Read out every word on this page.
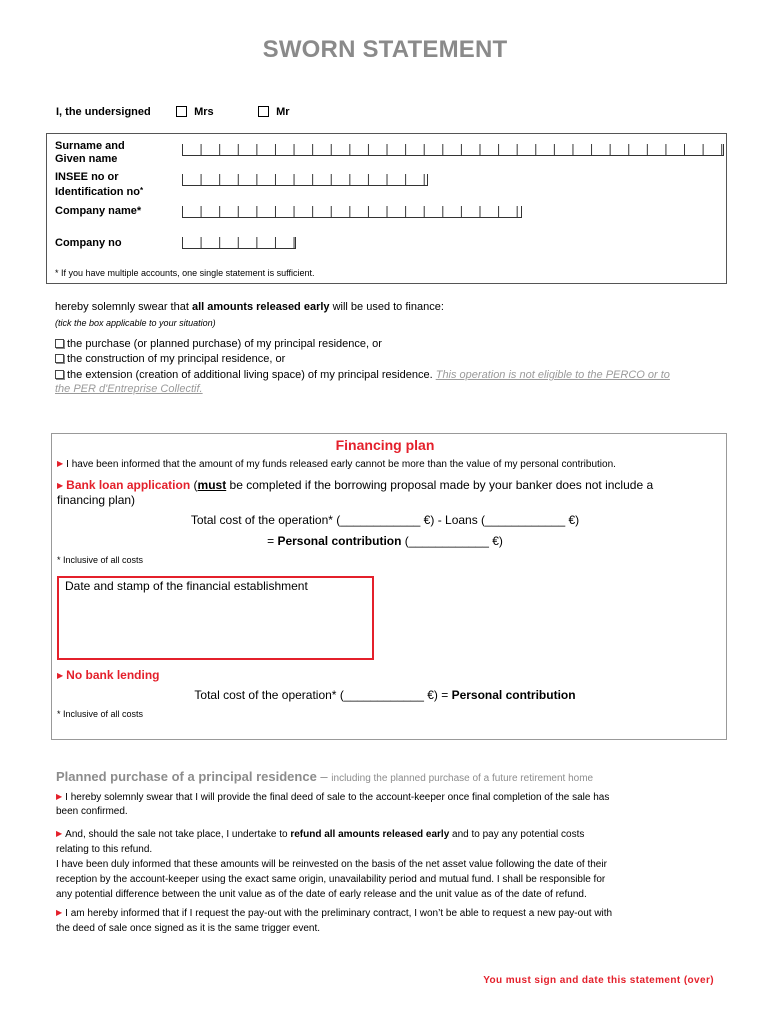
SWORN STATEMENT
I, the undersigned	Mrs	Mr
Surname and
Given name
INSEE no or
Identification no*
Company name*
Company no
* If you have multiple accounts, one single statement is sufficient.
hereby solemnly swear that all amounts released early will be used to finance:
(tick the box applicable to your situation)
the purchase (or planned purchase) of my principal residence, or
the construction of my principal residence, or
the extension (creation of additional living space) of my principal residence. This operation is not eligible to the PERCO or to
the PER d'Entreprise Collectif.
Financing plan
▶ I have been informed that the amount of my funds released early cannot be more than the value of my personal contribution.
▶ Bank loan application (must be completed if the borrowing proposal made by your banker does not include a
financing plan)
Total cost of the operation* (____________ €) - Loans (____________ €)
= Personal contribution (____________ €)
* Inclusive of all costs
Date and stamp of the financial establishment
▶ No bank lending
Total cost of the operation* (____________ €) = Personal contribution
* Inclusive of all costs
Planned purchase of a principal residence – including the planned purchase of a future retirement home
▶ I hereby solemnly swear that I will provide the final deed of sale to the account-keeper once final completion of the sale has
been confirmed.
▶ And, should the sale not take place, I undertake to refund all amounts released early and to pay any potential costs
relating to this refund.
I have been duly informed that these amounts will be reinvested on the basis of the net asset value following the date of their
reception by the account-keeper using the exact same origin, unavailability period and mutual fund. I shall be responsible for
any potential difference between the unit value as of the date of early release and the unit value as of the date of refund.
▶ I am hereby informed that if I request the pay-out with the preliminary contract, I won’t be able to request a new pay-out with
the deed of sale once signed as it is the same trigger event.
You must sign and date this statement (over)
